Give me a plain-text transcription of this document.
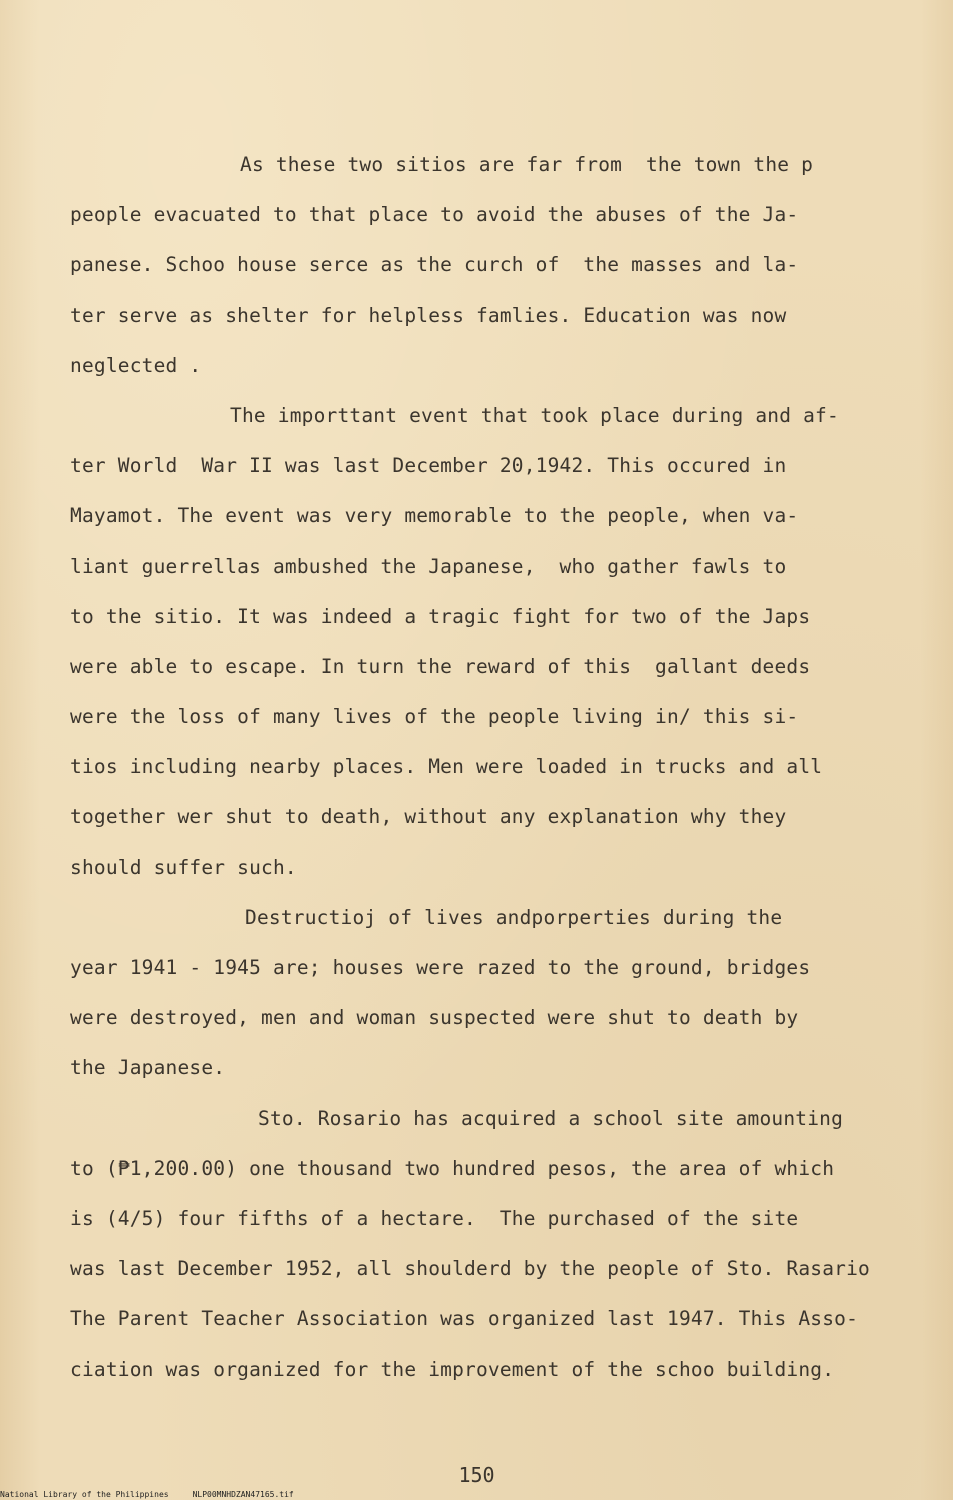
As these two sitios are far from  the town the p
people evacuated to that place to avoid the abuses of the Ja-
panese. Schoo house serce as the curch of  the masses and la-
ter serve as shelter for helpless famlies. Education was now
neglected .
The importtant event that took place during and af-
ter World  War II was last December 20,1942. This occured in
Mayamot. The event was very memorable to the people, when va-
liant guerrellas ambushed the Japanese,  who gather fawls to
to the sitio. It was indeed a tragic fight for two of the Japs
were able to escape. In turn the reward of this  gallant deeds
were the loss of many lives of the people living in/ this si-
tios including nearby places. Men were loaded in trucks and all
together wer shut to death, without any explanation why they
should suffer such.
Destructioj of lives andporperties during the
year 1941 - 1945 are; houses were razed to the ground, bridges
were destroyed, men and woman suspected were shut to death by
the Japanese.
Sto. Rosario has acquired a school site amounting
to (₱1,200.00) one thousand two hundred pesos, the area of which
is (4/5) four fifths of a hectare.  The purchased of the site
was last December 1952, all shoulderd by the people of Sto. Rasario
The Parent Teacher Association was organized last 1947. This Asso-
ciation was organized for the improvement of the schoo building.
150
National Library of the Philippines	NLP00MNHDZAN47165.tif
